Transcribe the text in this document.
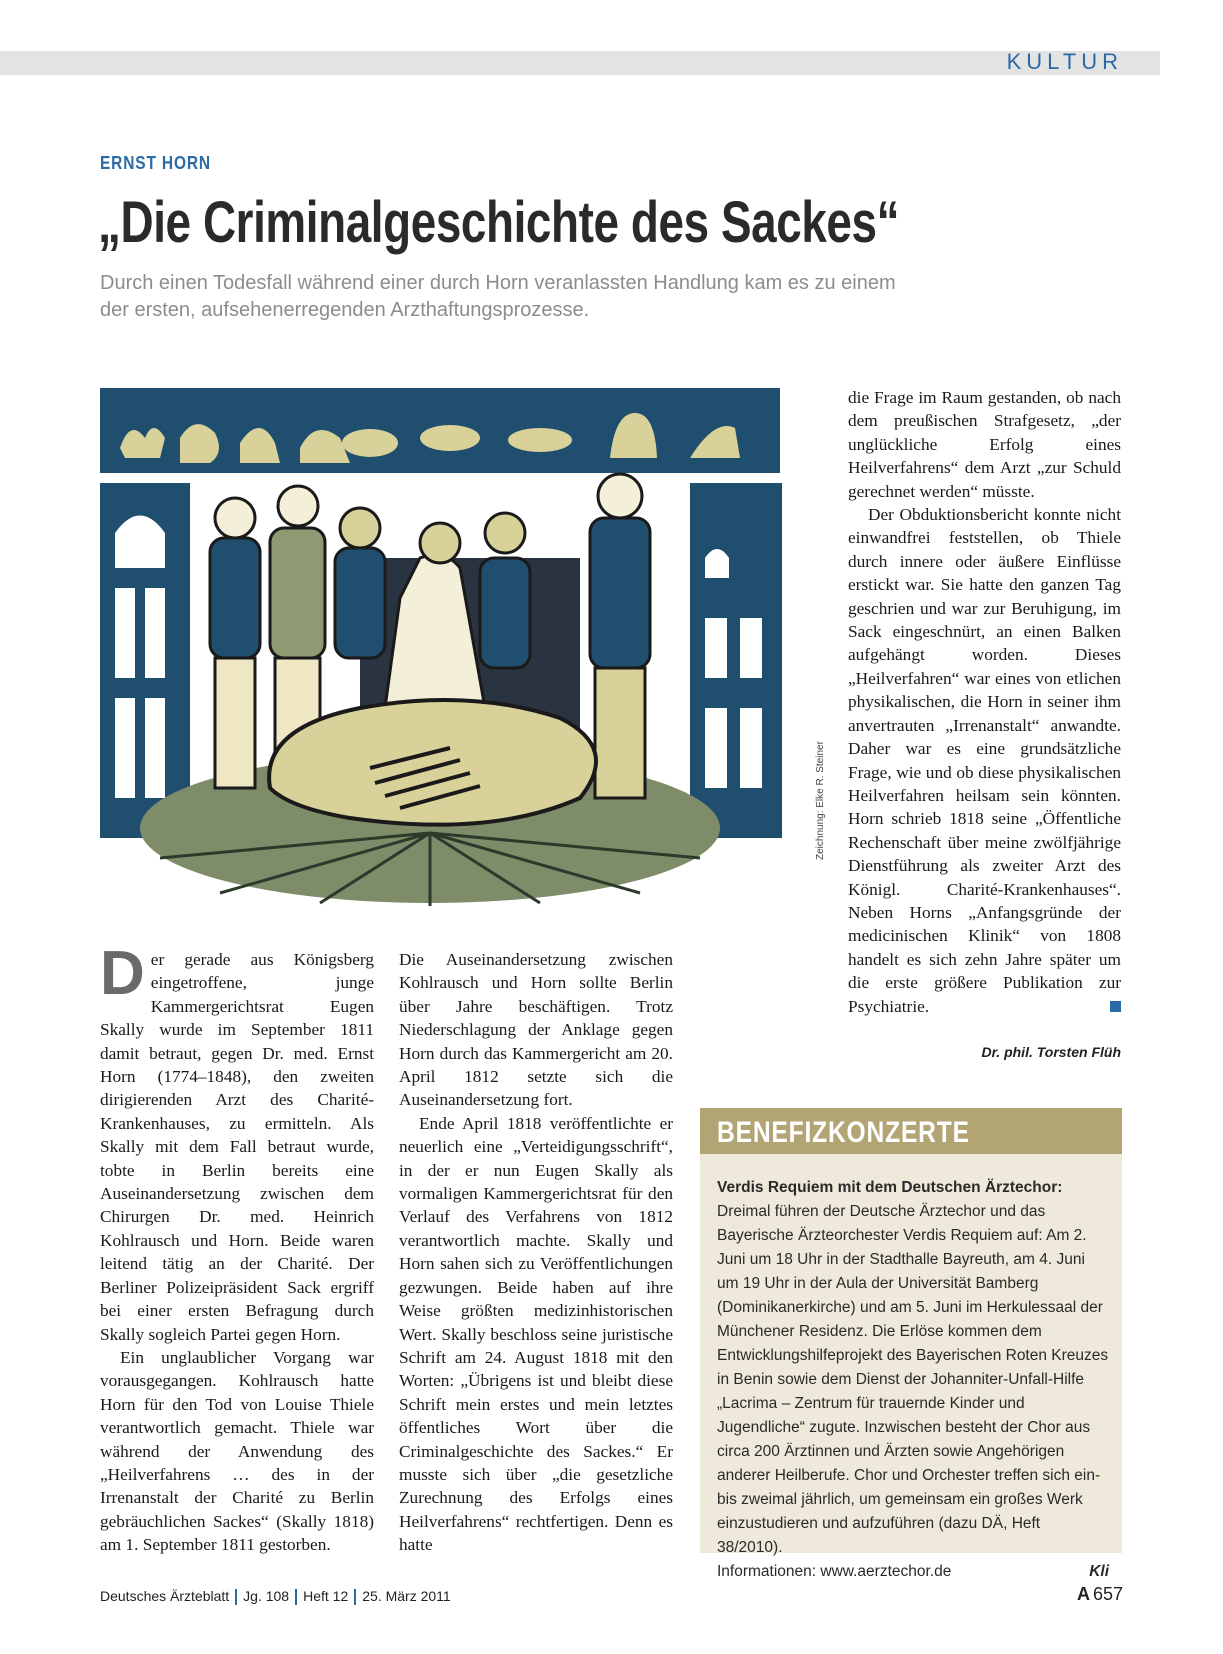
KULTUR
ERNST HORN
„Die Criminalgeschichte des Sackes“
Durch einen Todesfall während einer durch Horn veranlassten Handlung kam es zu einem der ersten, aufsehenerregenden Arzthaftungsprozesse.
Zeichnung: Elke R. Steiner
D er gerade aus Königsberg eingetroffene, junge Kammergerichtsrat Eugen Skally wurde im September 1811 damit betraut, gegen Dr. med. Ernst Horn (1774–1848), den zweiten dirigierenden Arzt des Charité-Krankenhauses, zu ermitteln. Als Skally mit dem Fall betraut wurde, tobte in Berlin bereits eine Auseinandersetzung zwischen dem Chirurgen Dr. med. Heinrich Kohlrausch und Horn. Beide waren leitend tätig an der Charité. Der Berliner Polizeipräsident Sack ergriff bei einer ersten Befragung durch Skally sogleich Partei gegen Horn.

Ein unglaublicher Vorgang war vorausgegangen. Kohlrausch hatte Horn für den Tod von Louise Thiele verantwortlich gemacht. Thiele war während der Anwendung des „Heilverfahrens … des in der Irrenanstalt der Charité zu Berlin gebräuchlichen Sackes“ (Skally 1818) am 1. September 1811 gestorben.

Die Auseinandersetzung zwischen Kohlrausch und Horn sollte Berlin über Jahre beschäftigen. Trotz Niederschlagung der Anklage gegen Horn durch das Kammergericht am 20. April 1812 setzte sich die Auseinandersetzung fort.

Ende April 1818 veröffentlichte er neuerlich eine „Verteidigungsschrift“, in der er nun Eugen Skally als vormaligen Kammergerichtsrat für den Verlauf des Verfahrens von 1812 verantwortlich machte. Skally und Horn sahen sich zu Veröffentlichungen gezwungen. Beide haben auf ihre Weise größten medizinhistorischen Wert. Skally beschloss seine juristische Schrift am 24. August 1818 mit den Worten: „Übrigens ist und bleibt diese Schrift mein erstes und mein letztes öffentliches Wort über die Criminalgeschichte des Sackes.“ Er musste sich über „die gesetzliche Zurechnung des Erfolgs eines Heilverfahrens“ rechtfertigen. Denn es hatte

die Frage im Raum gestanden, ob nach dem preußischen Strafgesetz, „der unglückliche Erfolg eines Heilverfahrens“ dem Arzt „zur Schuld gerechnet werden“ müsste.

Der Obduktionsbericht konnte nicht einwandfrei feststellen, ob Thiele durch innere oder äußere Einflüsse erstickt war. Sie hatte den ganzen Tag geschrien und war zur Beruhigung, im Sack eingeschnürt, an einen Balken aufgehängt worden. Dieses „Heilverfahren“ war eines von etlichen physikalischen, die Horn in seiner ihm anvertrauten „Irrenanstalt“ anwandte. Daher war es eine grundsätzliche Frage, wie und ob diese physikalischen Heilverfahren heilsam sein könnten. Horn schrieb 1818 seine „Öffentliche Rechenschaft über meine zwölfjährige Dienstführung als zweiter Arzt des Königl. Charité-Krankenhauses“. Neben Horns „Anfangsgründe der medicinischen Klinik“ von 1808 handelt es sich zehn Jahre später um die erste größere Publikation zur Psychiatrie.

Dr. phil. Torsten Flüh
BENEFIZKONZERTE
Verdis Requiem mit dem Deutschen Ärztechor:
Dreimal führen der Deutsche Ärztechor und das Bayerische Ärzteorchester Verdis Requiem auf: Am 2. Juni um 18 Uhr in der Stadthalle Bayreuth, am 4. Juni um 19 Uhr in der Aula der Universität Bamberg (Dominikanerkirche) und am 5. Juni im Herkulessaal der Münchener Residenz. Die Erlöse kommen dem Entwicklungshilfeprojekt des Bayerischen Roten Kreuzes in Benin sowie dem Dienst der Johanniter-Unfall-Hilfe „Lacrima – Zentrum für trauernde Kinder und Jugendliche“ zugute. Inzwischen besteht der Chor aus circa 200 Ärztinnen und Ärzten sowie Angehörigen anderer Heilberufe. Chor und Orchester treffen sich ein- bis zweimal jährlich, um gemeinsam ein großes Werk einzustudieren und aufzuführen (dazu DÄ, Heft 38/2010).
Informationen: www.aerztechor.de	Kli
Deutsches Ärzteblatt Jg. 108 Heft 12 25. März 2011	A 657
